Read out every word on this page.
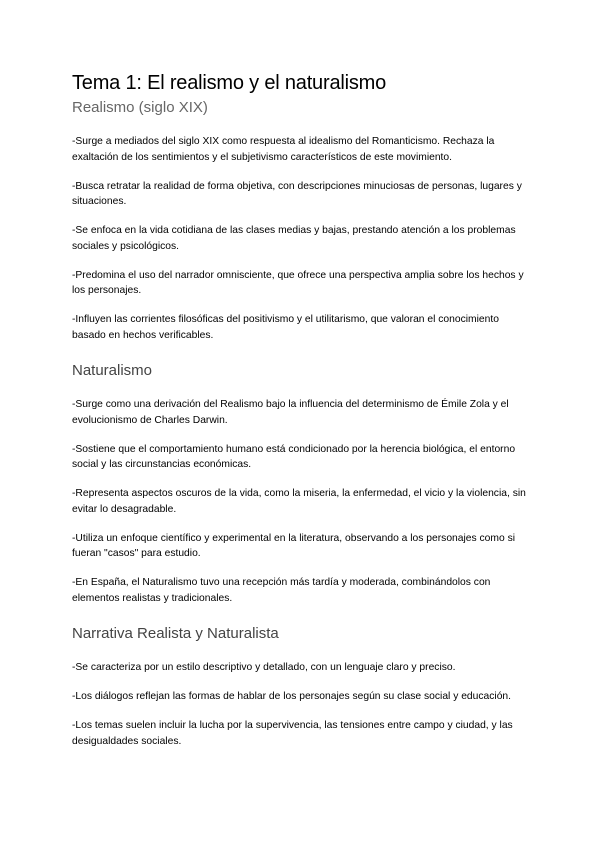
Tema 1: El realismo y el naturalismo
Realismo (siglo XIX)

-Surge a mediados del siglo XIX como respuesta al idealismo del Romanticismo. Rechaza la exaltación de los sentimientos y el subjetivismo característicos de este movimiento.

-Busca retratar la realidad de forma objetiva, con descripciones minuciosas de personas, lugares y situaciones.

-Se enfoca en la vida cotidiana de las clases medias y bajas, prestando atención a los problemas sociales y psicológicos.

-Predomina el uso del narrador omnisciente, que ofrece una perspectiva amplia sobre los hechos y los personajes.

-Influyen las corrientes filosóficas del positivismo y el utilitarismo, que valoran el conocimiento basado en hechos verificables.

Naturalismo

-Surge como una derivación del Realismo bajo la influencia del determinismo de Émile Zola y el evolucionismo de Charles Darwin.

-Sostiene que el comportamiento humano está condicionado por la herencia biológica, el entorno social y las circunstancias económicas.

-Representa aspectos oscuros de la vida, como la miseria, la enfermedad, el vicio y la violencia, sin evitar lo desagradable.

-Utiliza un enfoque científico y experimental en la literatura, observando a los personajes como si fueran "casos" para estudio.

-En España, el Naturalismo tuvo una recepción más tardía y moderada, combinándolos con elementos realistas y tradicionales.

Narrativa Realista y Naturalista

-Se caracteriza por un estilo descriptivo y detallado, con un lenguaje claro y preciso.

-Los diálogos reflejan las formas de hablar de los personajes según su clase social y educación.

-Los temas suelen incluir la lucha por la supervivencia, las tensiones entre campo y ciudad, y las desigualdades sociales.
